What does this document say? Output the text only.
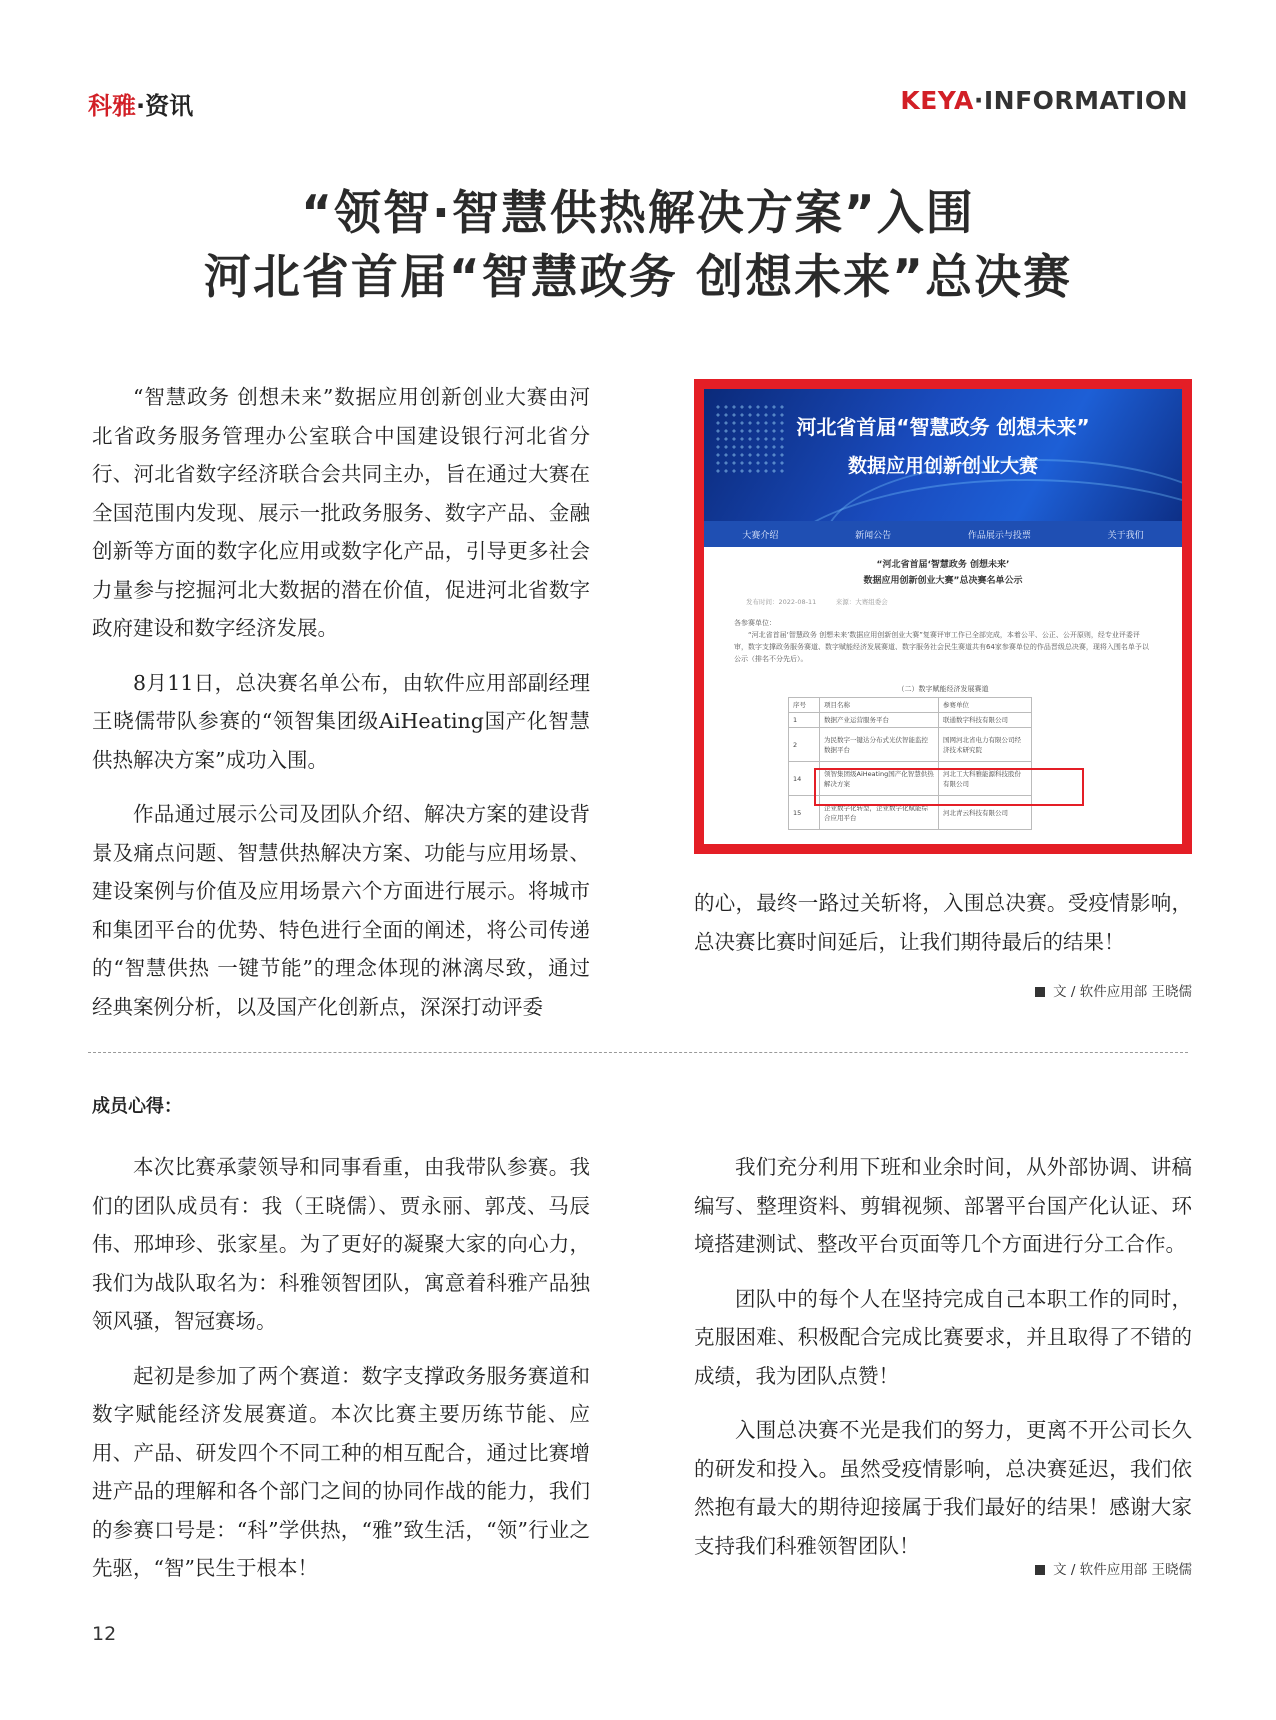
科雅·资讯	KEYA·INFORMATION
“领智·智慧供热解决方案”入围
河北省首届“智慧政务 创想未来”总决赛

“智慧政务 创想未来”数据应用创新创业大赛由河北省政务服务管理办公室联合中国建设银行河北省分行、河北省数字经济联合会共同主办，旨在通过大赛在全国范围内发现、展示一批政务服务、数字产品、金融创新等方面的数字化应用或数字化产品，引导更多社会力量参与挖掘河北大数据的潜在价值，促进河北省数字政府建设和数字经济发展。

8月11日，总决赛名单公布，由软件应用部副经理王晓儒带队参赛的“领智集团级AiHeating国产化智慧供热解决方案”成功入围。

作品通过展示公司及团队介绍、解决方案的建设背景及痛点问题、智慧供热解决方案、功能与应用场景、建设案例与价值及应用场景六个方面进行展示。将城市和集团平台的优势、特色进行全面的阐述，将公司传递的“智慧供热 一键节能”的理念体现的淋漓尽致，通过经典案例分析，以及国产化创新点，深深打动评委

河北省首届“智慧政务 创想未来”
数据应用创新创业大赛
大赛介绍	新闻公告	作品展示与投票	关于我们
“河北省首届‘智慧政务 创想未来’
数据应用创新创业大赛”总决赛名单公示
发布时间：2022-08-11　　　来源：大赛组委会
各参赛单位：
“河北省首届‘智慧政务 创想未来’数据应用创新创业大赛”复赛评审工作已全部完成，本着公平、公正、公开原则，经专业评委评审，数字支撑政务服务赛道、数字赋能经济发展赛道、数字服务社会民生赛道共有64家参赛单位的作品晋级总决赛，现将入围名单予以公示（排名不分先后）。
（二）数字赋能经济发展赛道
序号	项目名称	参赛单位
1	数据产业运营服务平台	联通数字科技有限公司
2	为民数字一键达分布式光伏智能监控数据平台	国网河北省电力有限公司经济技术研究院
14	领智集团级AiHeating国产化智慧供热解决方案	河北工大科雅能源科技股份有限公司
15	企业数字化转型，企业数字化赋能综合应用平台	河北青云科技有限公司

的心，最终一路过关斩将，入围总决赛。受疫情影响，总决赛比赛时间延后，让我们期待最后的结果！

文 / 软件应用部 王晓儒
成员心得：

本次比赛承蒙领导和同事看重，由我带队参赛。我们的团队成员有：我（王晓儒）、贾永丽、郭茂、马辰伟、邢坤珍、张家星。为了更好的凝聚大家的向心力，我们为战队取名为：科雅领智团队，寓意着科雅产品独领风骚，智冠赛场。

起初是参加了两个赛道：数字支撑政务服务赛道和数字赋能经济发展赛道。本次比赛主要历练节能、应用、产品、研发四个不同工种的相互配合，通过比赛增进产品的理解和各个部门之间的协同作战的能力，我们的参赛口号是：“科”学供热，“雅”致生活，“领”行业之先驱，“智”民生于根本！

我们充分利用下班和业余时间，从外部协调、讲稿编写、整理资料、剪辑视频、部署平台国产化认证、环境搭建测试、整改平台页面等几个方面进行分工合作。

团队中的每个人在坚持完成自己本职工作的同时，克服困难、积极配合完成比赛要求，并且取得了不错的成绩，我为团队点赞！

入围总决赛不光是我们的努力，更离不开公司长久的研发和投入。虽然受疫情影响，总决赛延迟，我们依然抱有最大的期待迎接属于我们最好的结果！感谢大家支持我们科雅领智团队！

文 / 软件应用部 王晓儒
12
